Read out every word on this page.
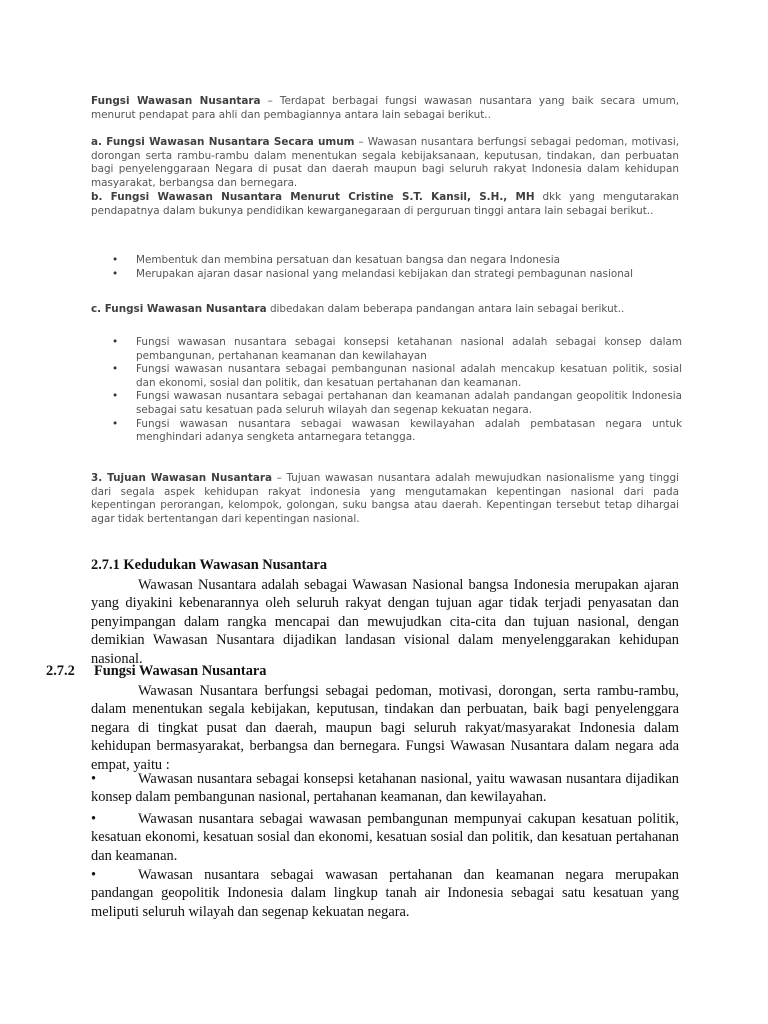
Fungsi Wawasan Nusantara – Terdapat berbagai fungsi wawasan nusantara yang baik secara umum, menurut pendapat para ahli dan pembagiannya antara lain sebagai berikut..

a. Fungsi Wawasan Nusantara Secara umum – Wawasan nusantara berfungsi sebagai pedoman, motivasi, dorongan serta rambu-rambu dalam menentukan segala kebijaksanaan, keputusan, tindakan, dan perbuatan bagi penyelenggaraan Negara di pusat dan daerah maupun bagi seluruh rakyat Indonesia dalam kehidupan masyarakat, berbangsa dan bernegara.

b. Fungsi Wawasan Nusantara Menurut Cristine S.T. Kansil, S.H., MH dkk yang mengutarakan pendapatnya dalam bukunya pendidikan kewarganegaraan di perguruan tinggi antara lain sebagai berikut..

• Membentuk dan membina persatuan dan kesatuan bangsa dan negara Indonesia
• Merupakan ajaran dasar nasional yang melandasi kebijakan dan strategi pembagunan nasional

c. Fungsi Wawasan Nusantara dibedakan dalam beberapa pandangan antara lain sebagai berikut..

• Fungsi wawasan nusantara sebagai konsepsi ketahanan nasional adalah sebagai konsep dalam pembangunan, pertahanan keamanan dan kewilahayan
• Fungsi wawasan nusantara sebagai pembangunan nasional adalah mencakup kesatuan politik, sosial dan ekonomi, sosial dan politik, dan kesatuan pertahanan dan keamanan.
• Fungsi wawasan nusantara sebagai pertahanan dan keamanan adalah pandangan geopolitik Indonesia sebagai satu kesatuan pada seluruh wilayah dan segenap kekuatan negara.
• Fungsi wawasan nusantara sebagai wawasan kewilayahan adalah pembatasan negara untuk menghindari adanya sengketa antarnegara tetangga.

3. Tujuan Wawasan Nusantara – Tujuan wawasan nusantara adalah mewujudkan nasionalisme yang tinggi dari segala aspek kehidupan rakyat indonesia yang mengutamakan kepentingan nasional dari pada kepentingan perorangan, kelompok, golongan, suku bangsa atau daerah. Kepentingan tersebut tetap dihargai agar tidak bertentangan dari kepentingan nasional.

2.7.1 Kedudukan Wawasan Nusantara

Wawasan Nusantara adalah sebagai Wawasan Nasional bangsa Indonesia merupakan ajaran yang diyakini kebenarannya oleh seluruh rakyat dengan tujuan agar tidak terjadi penyasatan dan penyimpangan dalam rangka mencapai dan mewujudkan cita-cita dan tujuan nasional, dengan demikian Wawasan Nusantara dijadikan landasan visional dalam menyelenggarakan kehidupan nasional.

2.7.2 Fungsi Wawasan Nusantara

Wawasan Nusantara berfungsi sebagai pedoman, motivasi, dorongan, serta rambu-rambu, dalam menentukan segala kebijakan, keputusan, tindakan dan perbuatan, baik bagi penyelenggara negara di tingkat pusat dan daerah, maupun bagi seluruh rakyat/masyarakat Indonesia dalam kehidupan bermasyarakat, berbangsa dan bernegara. Fungsi Wawasan Nusantara dalam negara ada empat, yaitu :

•	Wawasan nusantara sebagai konsepsi ketahanan nasional, yaitu wawasan nusantara dijadikan konsep dalam pembangunan nasional, pertahanan keamanan, dan kewilayahan.

•	Wawasan nusantara sebagai wawasan pembangunan mempunyai cakupan kesatuan politik, kesatuan ekonomi, kesatuan sosial dan ekonomi, kesatuan sosial dan politik, dan kesatuan pertahanan dan keamanan.

•	Wawasan nusantara sebagai wawasan pertahanan dan keamanan negara merupakan pandangan geopolitik Indonesia dalam lingkup tanah air Indonesia sebagai satu kesatuan yang meliputi seluruh wilayah dan segenap kekuatan negara.
